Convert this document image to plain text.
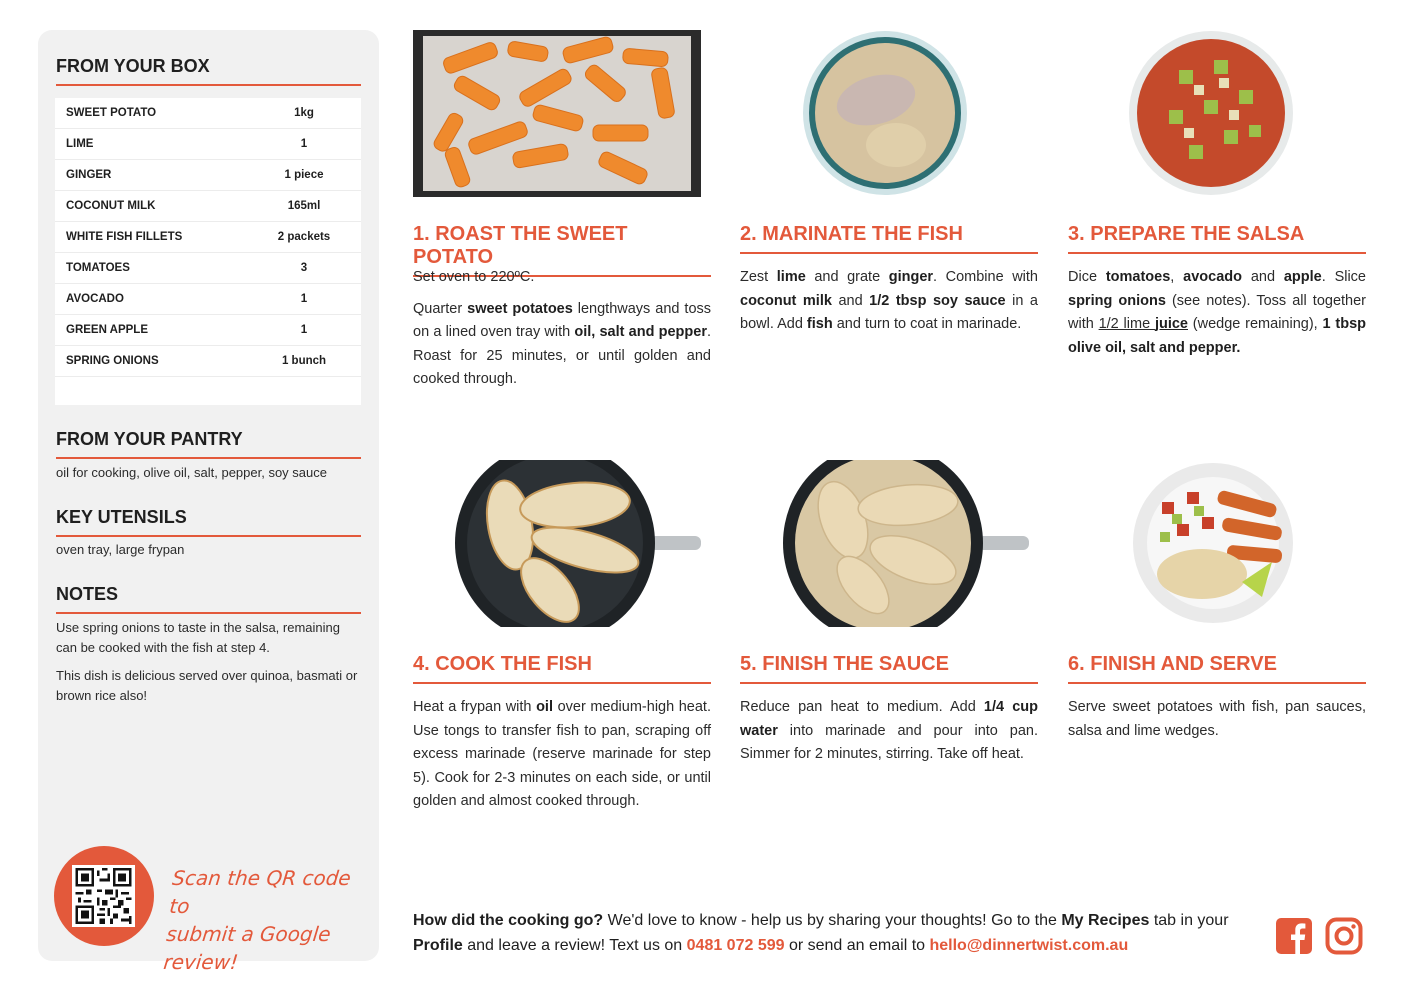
FROM YOUR BOX
SWEET POTATO	1kg
LIME	1
GINGER	1 piece
COCONUT MILK	165ml
WHITE FISH FILLETS	2 packets
TOMATOES	3
AVOCADO	1
GREEN APPLE	1
SPRING ONIONS	1 bunch
FROM YOUR PANTRY
oil for cooking, olive oil, salt, pepper, soy sauce
KEY UTENSILS
oven tray, large frypan
NOTES
Use spring onions to taste in the salsa, remaining can be cooked with the fish at step 4.
This dish is delicious served over quinoa, basmati or brown rice also!
Scan the QR code to
submit a Google review!
1. ROAST THE SWEET POTATO
2. MARINATE THE FISH	3. PREPARE THE SALSA
4. COOK THE FISH	5. FINISH THE SAUCE	6. FINISH AND SERVE

Set oven to 220ºC.

Quarter sweet potatoes lengthways and toss on a lined oven tray with oil, salt and pepper. Roast for 25 minutes, or until golden and cooked through.

Zest lime and grate ginger. Combine with coconut milk and 1/2 tbsp soy sauce in a bowl. Add fish and turn to coat in marinade.

Dice tomatoes, avocado and apple. Slice spring onions (see notes). Toss all together with 1/2 lime juice (wedge remaining), 1 tbsp olive oil, salt and pepper.

Heat a frypan with oil over medium-high heat. Use tongs to transfer fish to pan, scraping off excess marinade (reserve marinade for step 5). Cook for 2-3 minutes on each side, or until golden and almost cooked through.

Reduce pan heat to medium. Add 1/4 cup water into marinade and pour into pan. Simmer for 2 minutes, stirring. Take off heat.

Serve sweet potatoes with fish, pan sauces, salsa and lime wedges.

How did the cooking go? We'd love to know - help us by sharing your thoughts! Go to the My Recipes tab in your Profile and leave a review! Text us on 0481 072 599 or send an email to hello@dinnertwist.com.au
